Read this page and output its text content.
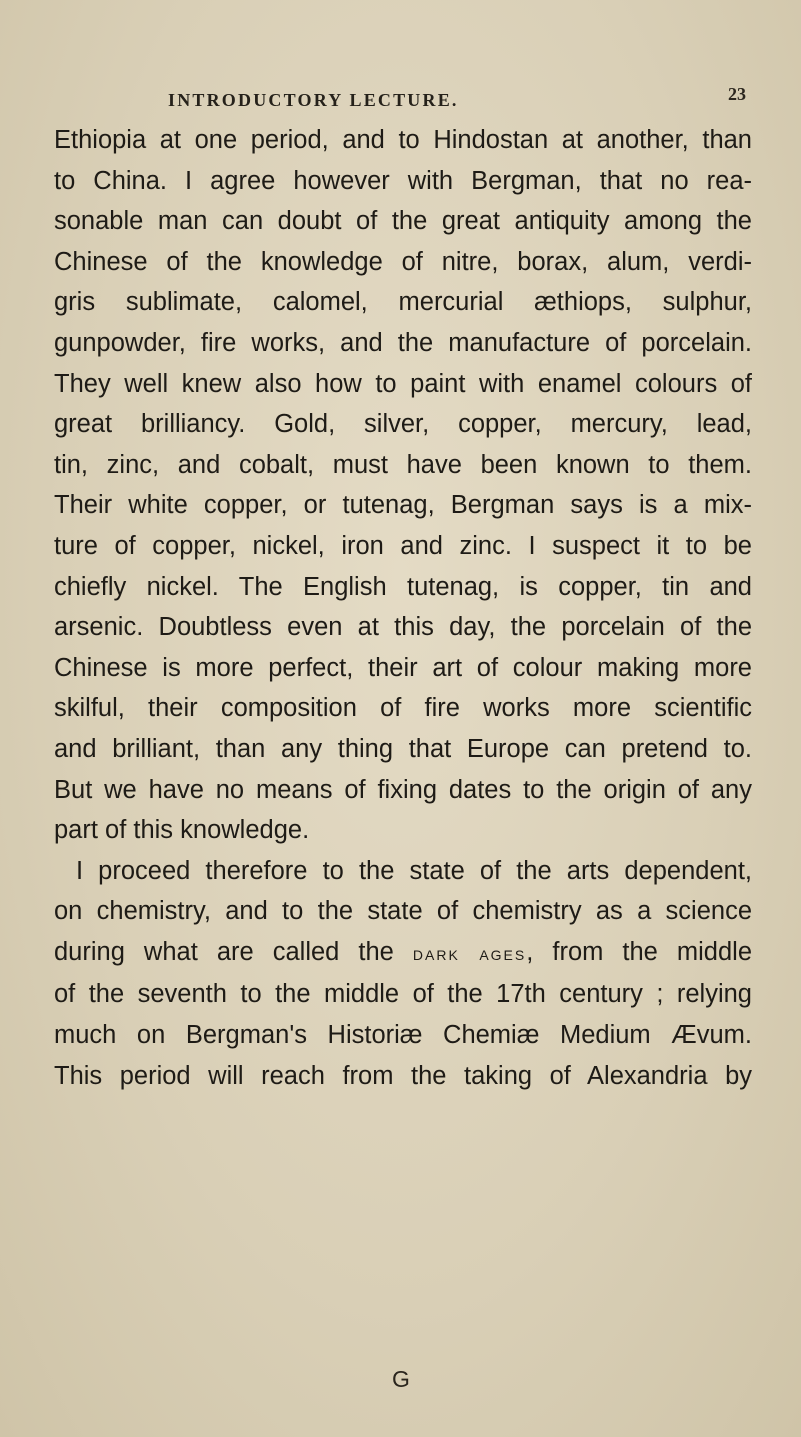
INTRODUCTORY LECTURE.	23
Ethiopia at one period, and to Hindostan at another, than
to China. I agree however with Bergman, that no rea-
sonable man can doubt of the great antiquity among the
Chinese of the knowledge of nitre, borax, alum, verdi-
gris sublimate, calomel, mercurial æthiops, sulphur,
gunpowder, fire works, and the manufacture of porcelain.
They well knew also how to paint with enamel colours of
great brilliancy. Gold, silver, copper, mercury, lead,
tin, zinc, and cobalt, must have been known to them.
Their white copper, or tutenag, Bergman says is a mix-
ture of copper, nickel, iron and zinc. I suspect it to be
chiefly nickel. The English tutenag, is copper, tin and
arsenic. Doubtless even at this day, the porcelain of the
Chinese is more perfect, their art of colour making more
skilful, their composition of fire works more scientific
and brilliant, than any thing that Europe can pretend to.
But we have no means of fixing dates to the origin of any
part of this knowledge.
I proceed therefore to the state of the arts dependent,
on chemistry, and to the state of chemistry as a science
during what are called the dark ages, from the middle
of the seventh to the middle of the 17th century ; relying
much on Bergman's Historiæ Chemiæ Medium Ævum.
This period will reach from the taking of Alexandria by
G
